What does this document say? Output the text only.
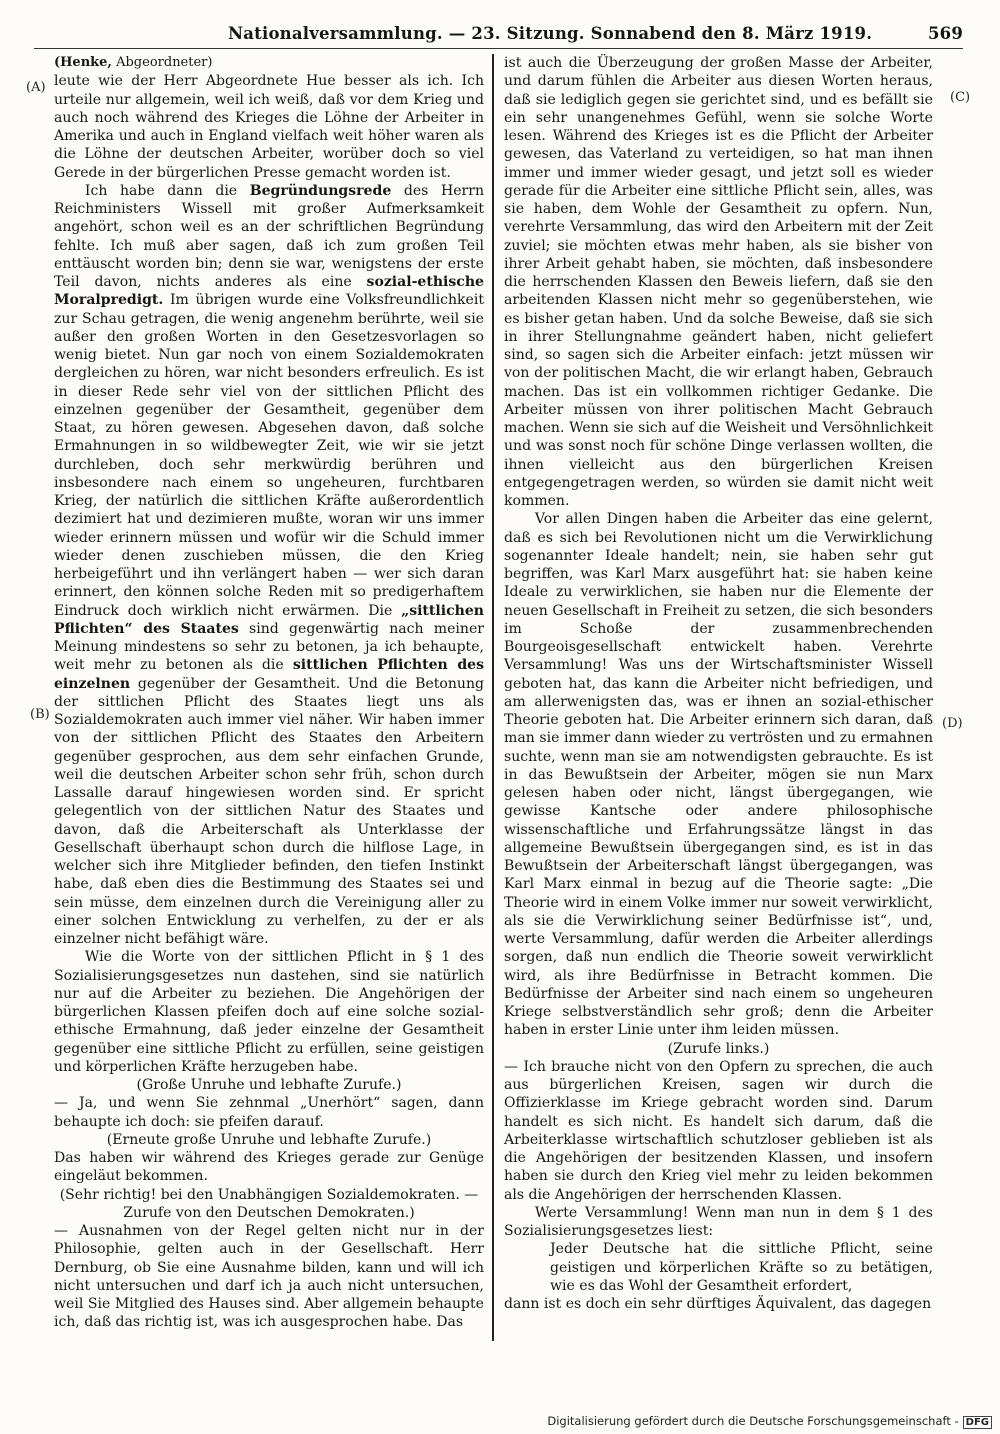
Nationalversammlung. — 23. Sitzung. Sonnabend den 8. März 1919.	569
(A)
(B)
(C)
(D)

(Henke, Abgeordneter)

leute wie der Herr Abgeordnete Hue besser als ich. Ich urteile nur allgemein, weil ich weiß, daß vor dem Krieg und auch noch während des Krieges die Löhne der Arbeiter in Amerika und auch in England vielfach weit höher waren als die Löhne der deutschen Arbeiter, worüber doch so viel Gerede in der bürgerlichen Presse gemacht worden ist.

Ich habe dann die Begründungsrede des Herrn Reichministers Wissell mit großer Aufmerksamkeit angehört, schon weil es an der schriftlichen Begründung fehlte. Ich muß aber sagen, daß ich zum großen Teil enttäuscht worden bin; denn sie war, wenigstens der erste Teil davon, nichts anderes als eine sozial-ethische Moralpredigt. Im übrigen wurde eine Volksfreundlichkeit zur Schau getragen, die wenig angenehm berührte, weil sie außer den großen Worten in den Gesetzesvorlagen so wenig bietet. Nun gar noch von einem Sozialdemokraten dergleichen zu hören, war nicht besonders erfreulich. Es ist in dieser Rede sehr viel von der sittlichen Pflicht des einzelnen gegenüber der Gesamtheit, gegenüber dem Staat, zu hören gewesen. Abgesehen davon, daß solche Ermahnungen in so wildbewegter Zeit, wie wir sie jetzt durchleben, doch sehr merkwürdig berühren und insbesondere nach einem so ungeheuren, furchtbaren Krieg, der natürlich die sittlichen Kräfte außerordentlich dezimiert hat und dezimieren mußte, woran wir uns immer wieder erinnern müssen und wofür wir die Schuld immer wieder denen zuschieben müssen, die den Krieg herbeigeführt und ihn verlängert haben — wer sich daran erinnert, den können solche Reden mit so predigerhaftem Eindruck doch wirklich nicht erwärmen. Die „sittlichen Pflichten“ des Staates sind gegenwärtig nach meiner Meinung mindestens so sehr zu betonen, ja ich behaupte, weit mehr zu betonen als die sittlichen Pflichten des einzelnen gegenüber der Gesamtheit. Und die Betonung der sittlichen Pflicht des Staates liegt uns als Sozialdemokraten auch immer viel näher. Wir haben immer von der sittlichen Pflicht des Staates den Arbeitern gegenüber gesprochen, aus dem sehr einfachen Grunde, weil die deutschen Arbeiter schon sehr früh, schon durch Lassalle darauf hingewiesen worden sind. Er spricht gelegentlich von der sittlichen Natur des Staates und davon, daß die Arbeiterschaft als Unterklasse der Gesellschaft überhaupt schon durch die hilflose Lage, in welcher sich ihre Mitglieder befinden, den tiefen Instinkt habe, daß eben dies die Bestimmung des Staates sei und sein müsse, dem einzelnen durch die Vereinigung aller zu einer solchen Entwicklung zu verhelfen, zu der er als einzelner nicht befähigt wäre.

Wie die Worte von der sittlichen Pflicht in § 1 des Sozialisierungsgesetzes nun dastehen, sind sie natürlich nur auf die Arbeiter zu beziehen. Die Angehörigen der bürgerlichen Klassen pfeifen doch auf eine solche sozial-ethische Ermahnung, daß jeder einzelne der Gesamtheit gegenüber eine sittliche Pflicht zu erfüllen, seine geistigen und körperlichen Kräfte herzugeben habe.

(Große Unruhe und lebhafte Zurufe.)

— Ja, und wenn Sie zehnmal „Unerhört“ sagen, dann behaupte ich doch: sie pfeifen darauf.

(Erneute große Unruhe und lebhafte Zurufe.)

Das haben wir während des Krieges gerade zur Genüge eingeläut bekommen.

(Sehr richtig! bei den Unabhängigen Sozialdemokraten. — Zurufe von den Deutschen Demokraten.)

— Ausnahmen von der Regel gelten nicht nur in der Philosophie, gelten auch in der Gesellschaft. Herr Dernburg, ob Sie eine Ausnahme bilden, kann und will ich nicht untersuchen und darf ich ja auch nicht untersuchen, weil Sie Mitglied des Hauses sind. Aber allgemein behaupte ich, daß das richtig ist, was ich ausgesprochen habe. Das

ist auch die Überzeugung der großen Masse der Arbeiter, und darum fühlen die Arbeiter aus diesen Worten heraus, daß sie lediglich gegen sie gerichtet sind, und es befällt sie ein sehr unangenehmes Gefühl, wenn sie solche Worte lesen. Während des Krieges ist es die Pflicht der Arbeiter gewesen, das Vaterland zu verteidigen, so hat man ihnen immer und immer wieder gesagt, und jetzt soll es wieder gerade für die Arbeiter eine sittliche Pflicht sein, alles, was sie haben, dem Wohle der Gesamtheit zu opfern. Nun, verehrte Versammlung, das wird den Arbeitern mit der Zeit zuviel; sie möchten etwas mehr haben, als sie bisher von ihrer Arbeit gehabt haben, sie möchten, daß insbesondere die herrschenden Klassen den Beweis liefern, daß sie den arbeitenden Klassen nicht mehr so gegenüberstehen, wie es bisher getan haben. Und da solche Beweise, daß sie sich in ihrer Stellungnahme geändert haben, nicht geliefert sind, so sagen sich die Arbeiter einfach: jetzt müssen wir von der politischen Macht, die wir erlangt haben, Gebrauch machen. Das ist ein vollkommen richtiger Gedanke. Die Arbeiter müssen von ihrer politischen Macht Gebrauch machen. Wenn sie sich auf die Weisheit und Versöhnlichkeit und was sonst noch für schöne Dinge verlassen wollten, die ihnen vielleicht aus den bürgerlichen Kreisen entgegengetragen werden, so würden sie damit nicht weit kommen.

Vor allen Dingen haben die Arbeiter das eine gelernt, daß es sich bei Revolutionen nicht um die Verwirklichung sogenannter Ideale handelt; nein, sie haben sehr gut begriffen, was Karl Marx ausgeführt hat: sie haben keine Ideale zu verwirklichen, sie haben nur die Elemente der neuen Gesellschaft in Freiheit zu setzen, die sich besonders im Schoße der zusammenbrechenden Bourgeoisgesellschaft entwickelt haben. Verehrte Versammlung! Was uns der Wirtschaftsminister Wissell geboten hat, das kann die Arbeiter nicht befriedigen, und am allerwenigsten das, was er ihnen an sozial-ethischer Theorie geboten hat. Die Arbeiter erinnern sich daran, daß man sie immer dann wieder zu vertrösten und zu ermahnen suchte, wenn man sie am notwendigsten gebrauchte. Es ist in das Bewußtsein der Arbeiter, mögen sie nun Marx gelesen haben oder nicht, längst übergegangen, wie gewisse Kantsche oder andere philosophische wissenschaftliche und Erfahrungssätze längst in das allgemeine Bewußtsein übergegangen sind, es ist in das Bewußtsein der Arbeiterschaft längst übergegangen, was Karl Marx einmal in bezug auf die Theorie sagte: „Die Theorie wird in einem Volke immer nur soweit verwirklicht, als sie die Verwirklichung seiner Bedürfnisse ist“, und, werte Versammlung, dafür werden die Arbeiter allerdings sorgen, daß nun endlich die Theorie soweit verwirklicht wird, als ihre Bedürfnisse in Betracht kommen. Die Bedürfnisse der Arbeiter sind nach einem so ungeheuren Kriege selbstverständlich sehr groß; denn die Arbeiter haben in erster Linie unter ihm leiden müssen.

(Zurufe links.)

— Ich brauche nicht von den Opfern zu sprechen, die auch aus bürgerlichen Kreisen, sagen wir durch die Offizierklasse im Kriege gebracht worden sind. Darum handelt es sich nicht. Es handelt sich darum, daß die Arbeiterklasse wirtschaftlich schutzloser geblieben ist als die Angehörigen der besitzenden Klassen, und insofern haben sie durch den Krieg viel mehr zu leiden bekommen als die Angehörigen der herrschenden Klassen.

Werte Versammlung! Wenn man nun in dem § 1 des Sozialisierungsgesetzes liest:

Jeder Deutsche hat die sittliche Pflicht, seine geistigen und körperlichen Kräfte so zu betätigen, wie es das Wohl der Gesamtheit erfordert,

dann ist es doch ein sehr dürftiges Äquivalent, das dagegen

Digitalisierung gefördert durch die Deutsche Forschungsgemeinschaft - DFG
